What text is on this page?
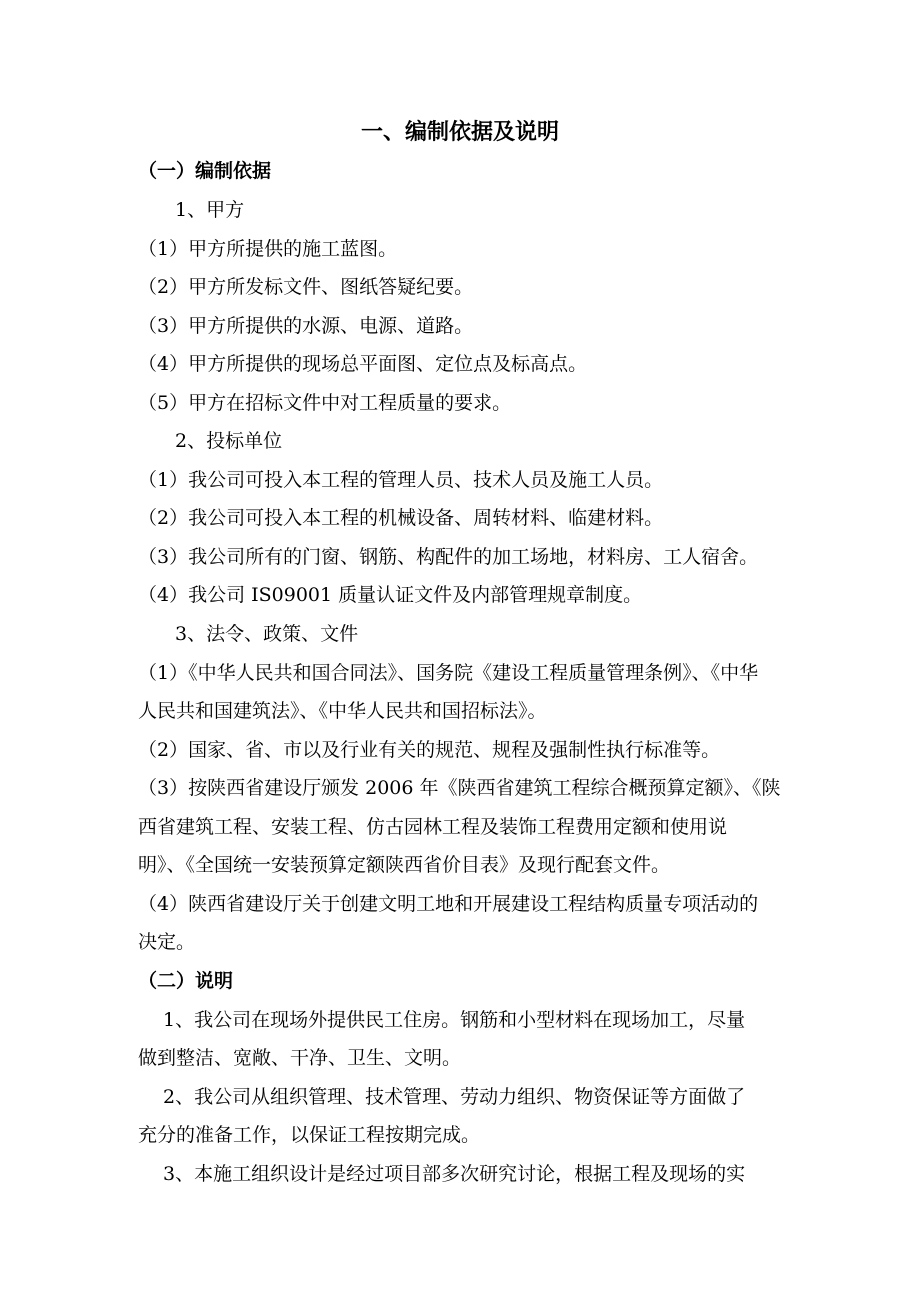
一、编制依据及说明
（一）编制依据
1、甲方
（1）甲方所提供的施工蓝图。
（2）甲方所发标文件、图纸答疑纪要。
（3）甲方所提供的水源、电源、道路。
（4）甲方所提供的现场总平面图、定位点及标高点。
（5）甲方在招标文件中对工程质量的要求。
2、投标单位
（1）我公司可投入本工程的管理人员、技术人员及施工人员。
（2）我公司可投入本工程的机械设备、周转材料、临建材料。
（3）我公司所有的门窗、钢筋、构配件的加工场地，材料房、工人宿舍。
（4）我公司 IS09001 质量认证文件及内部管理规章制度。
3、法令、政策、文件
（1）《中华人民共和国合同法》、国务院《建设工程质量管理条例》、《中华
人民共和国建筑法》、《中华人民共和国招标法》。
（2）国家、省、市以及行业有关的规范、规程及强制性执行标准等。
（3）按陕西省建设厅颁发 2006 年《陕西省建筑工程综合概预算定额》、《陕
西省建筑工程、安装工程、仿古园林工程及装饰工程费用定额和使用说
明》、《全国统一安装预算定额陕西省价目表》及现行配套文件。
（4）陕西省建设厅关于创建文明工地和开展建设工程结构质量专项活动的
决定。
（二）说明
1、我公司在现场外提供民工住房。钢筋和小型材料在现场加工，尽量
做到整洁、宽敞、干净、卫生、文明。
2、我公司从组织管理、技术管理、劳动力组织、物资保证等方面做了
充分的准备工作，以保证工程按期完成。
3、本施工组织设计是经过项目部多次研究讨论，根据工程及现场的实
